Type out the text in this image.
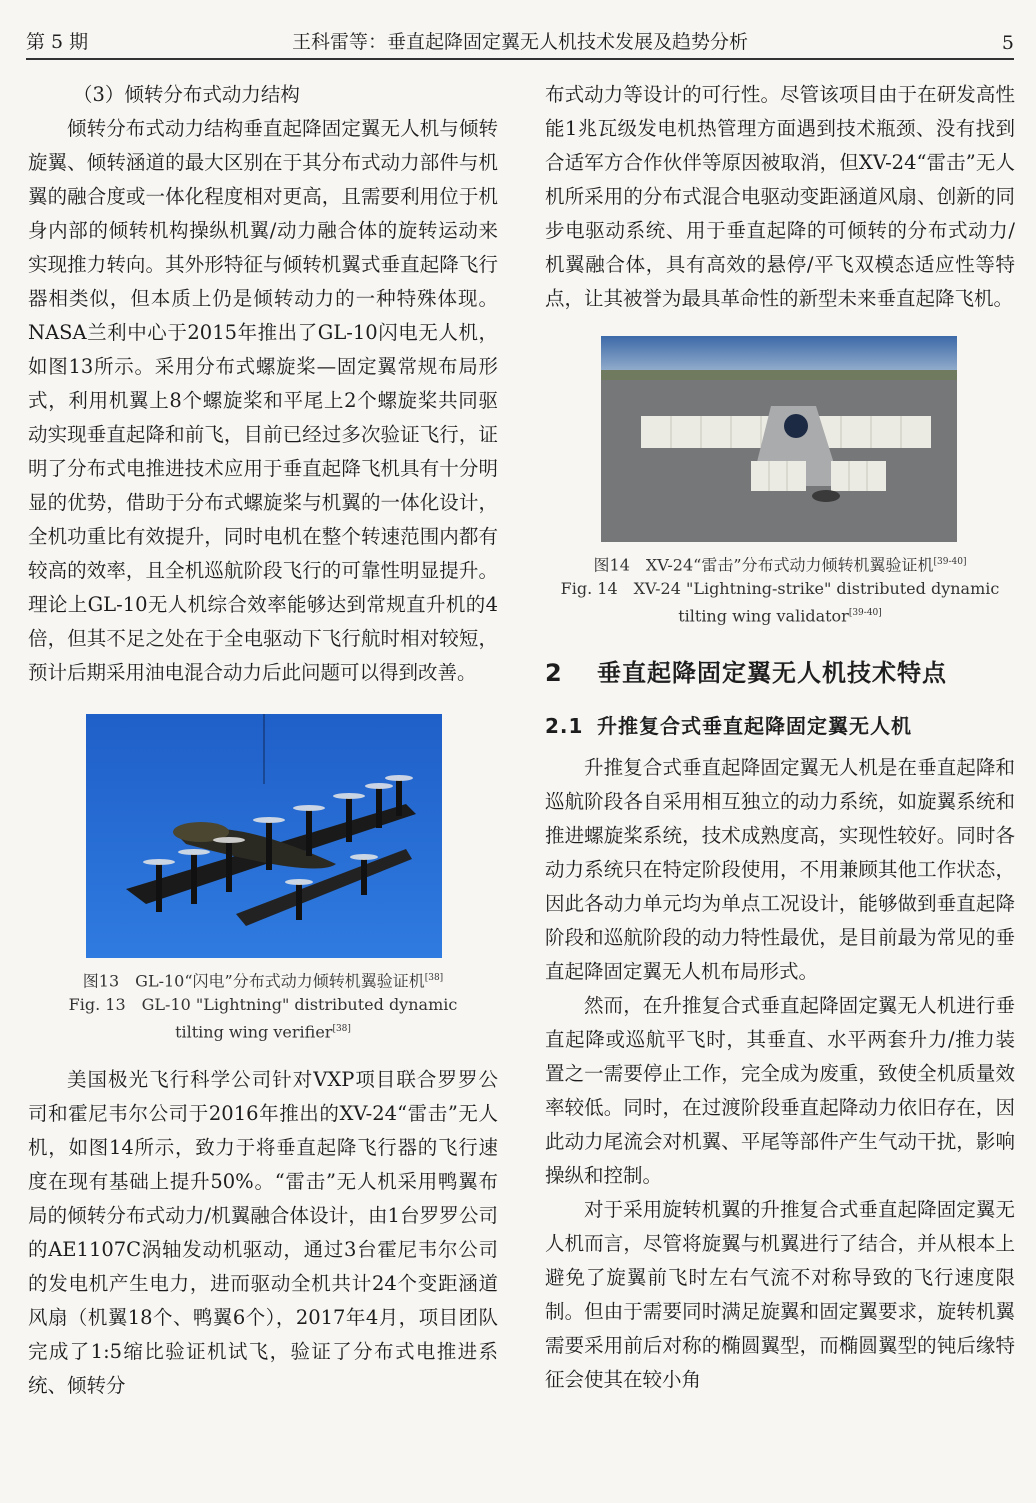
第 5 期	王科雷等：垂直起降固定翼无人机技术发展及趋势分析	5

（3）倾转分布式动力结构

倾转分布式动力结构垂直起降固定翼无人机与倾转旋翼、倾转涵道的最大区别在于其分布式动力部件与机翼的融合度或一体化程度相对更高，且需要利用位于机身内部的倾转机构操纵机翼/动力融合体的旋转运动来实现推力转向。其外形特征与倾转机翼式垂直起降飞行器相类似，但本质上仍是倾转动力的一种特殊体现。NASA兰利中心于2015年推出了GL-10闪电无人机，如图13所示。采用分布式螺旋桨—固定翼常规布局形式，利用机翼上8个螺旋桨和平尾上2个螺旋桨共同驱动实现垂直起降和前飞，目前已经过多次验证飞行，证明了分布式电推进技术应用于垂直起降飞机具有十分明显的优势，借助于分布式螺旋桨与机翼的一体化设计，全机功重比有效提升，同时电机在整个转速范围内都有较高的效率，且全机巡航阶段飞行的可靠性明显提升。理论上GL-10无人机综合效率能够达到常规直升机的4倍，但其不足之处在于全电驱动下飞行航时相对较短，预计后期采用油电混合动力后此问题可以得到改善。

图13　GL-10“闪电”分布式动力倾转机翼验证机[38]
Fig. 13　GL-10 "Lightning" distributed dynamic
tilting wing verifier[38]

美国极光飞行科学公司针对VXP项目联合罗罗公司和霍尼韦尔公司于2016年推出的XV-24“雷击”无人机，如图14所示，致力于将垂直起降飞行器的飞行速度在现有基础上提升50%。“雷击”无人机采用鸭翼布局的倾转分布式动力/机翼融合体设计，由1台罗罗公司的AE1107C涡轴发动机驱动，通过3台霍尼韦尔公司的发电机产生电力，进而驱动全机共计24个变距涵道风扇（机翼18个、鸭翼6个），2017年4月，项目团队完成了1:5缩比验证机试飞，验证了分布式电推进系统、倾转分

布式动力等设计的可行性。尽管该项目由于在研发高性能1兆瓦级发电机热管理方面遇到技术瓶颈、没有找到合适军方合作伙伴等原因被取消，但XV-24“雷击”无人机所采用的分布式混合电驱动变距涵道风扇、创新的同步电驱动系统、用于垂直起降的可倾转的分布式动力/机翼融合体，具有高效的悬停/平飞双模态适应性等特点，让其被誉为最具革命性的新型未来垂直起降飞机。

图14　XV-24“雷击”分布式动力倾转机翼验证机[39-40]
Fig. 14　XV-24 "Lightning-strike" distributed dynamic
tilting wing validator[39-40]
2 垂直起降固定翼无人机技术特点
2.1 升推复合式垂直起降固定翼无人机

升推复合式垂直起降固定翼无人机是在垂直起降和巡航阶段各自采用相互独立的动力系统，如旋翼系统和推进螺旋桨系统，技术成熟度高，实现性较好。同时各动力系统只在特定阶段使用，不用兼顾其他工作状态，因此各动力单元均为单点工况设计，能够做到垂直起降阶段和巡航阶段的动力特性最优，是目前最为常见的垂直起降固定翼无人机布局形式。

然而，在升推复合式垂直起降固定翼无人机进行垂直起降或巡航平飞时，其垂直、水平两套升力/推力装置之一需要停止工作，完全成为废重，致使全机质量效率较低。同时，在过渡阶段垂直起降动力依旧存在，因此动力尾流会对机翼、平尾等部件产生气动干扰，影响操纵和控制。

对于采用旋转机翼的升推复合式垂直起降固定翼无人机而言，尽管将旋翼与机翼进行了结合，并从根本上避免了旋翼前飞时左右气流不对称导致的飞行速度限制。但由于需要同时满足旋翼和固定翼要求，旋转机翼需要采用前后对称的椭圆翼型，而椭圆翼型的钝后缘特征会使其在较小角
